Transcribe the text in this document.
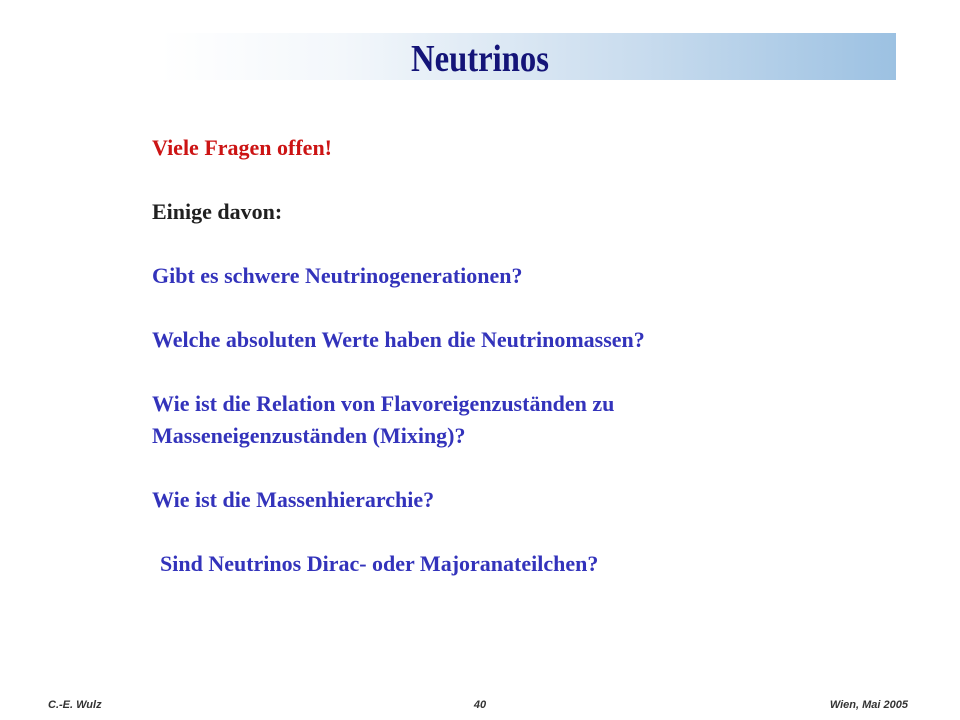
Neutrinos
Viele Fragen offen!
Einige davon:
Gibt es schwere Neutrinogenerationen?
Welche absoluten Werte haben die Neutrinomassen?
Wie ist die Relation von Flavoreigenzuständen zu
Masseneigenzuständen (Mixing)?
Wie ist die Massenhierarchie?
Sind Neutrinos Dirac- oder Majoranateilchen?
C.-E. Wulz	40	Wien, Mai 2005
